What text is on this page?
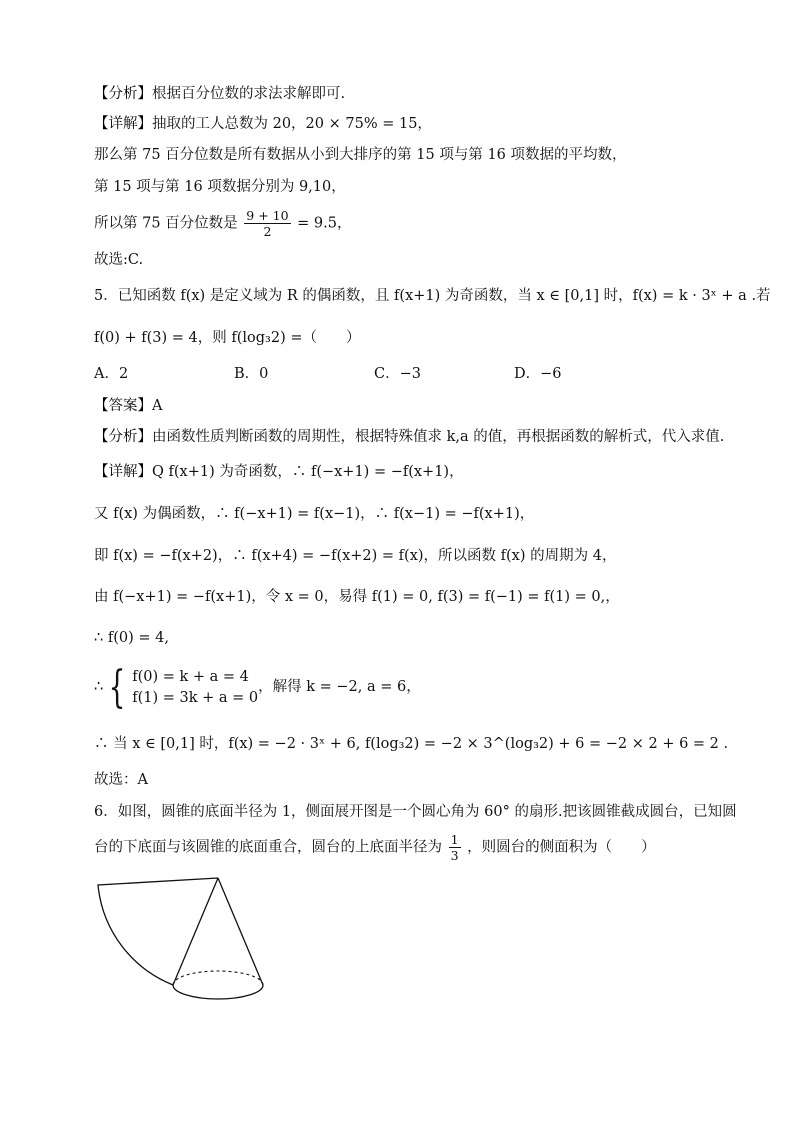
【分析】根据百分位数的求法求解即可.
【详解】抽取的工人总数为 20，20 × 75% = 15，
那么第 75 百分位数是所有数据从小到大排序的第 15 项与第 16 项数据的平均数，
第 15 项与第 16 项数据分别为 9,10，
所以第 75 百分位数是 $\frac{9 + 10}{2} = 9.5$，
故选:C.
5．已知函数 f(x) 是定义域为 R 的偶函数，且 f(x+1) 为奇函数，当 x ∈ [0,1] 时，f(x) = k · 3ˣ + a .若
f(0) + f(3) = 4，则 f(log₃2) =（　　）
A．2	B．0	C．−3	D．−6
【答案】A
【分析】由函数性质判断函数的周期性，根据特殊值求 k,a 的值，再根据函数的解析式，代入求值.
【详解】Q f(x+1) 为奇函数，∴ f(−x+1) = −f(x+1)，
又 f(x) 为偶函数，∴ f(−x+1) = f(x−1)，∴ f(x−1) = −f(x+1)，
即 f(x) = −f(x+2)，∴ f(x+4) = −f(x+2) = f(x)，所以函数 f(x) 的周期为 4，
由 f(−x+1) = −f(x+1)，令 x = 0，易得 f(1) = 0, f(3) = f(−1) = f(1) = 0,，
∴ f(0) = 4,
∴ { f(0) = k + a = 4
f(1) = 3k + a = 0
，解得 k = −2, a = 6，
∴ 当 x ∈ [0,1] 时，f(x) = −2 · 3ˣ + 6, f(log₃2) = −2 × 3^(log₃2) + 6 = −2 × 2 + 6 = 2 .
故选：A
6．如图，圆锥的底面半径为 1，侧面展开图是一个圆心角为 60° 的扇形.把该圆锥截成圆台，已知圆
台的下底面与该圆锥的底面重合，圆台的上底面半径为 $\frac{1}{3}$ ，则圆台的侧面积为（　　）
